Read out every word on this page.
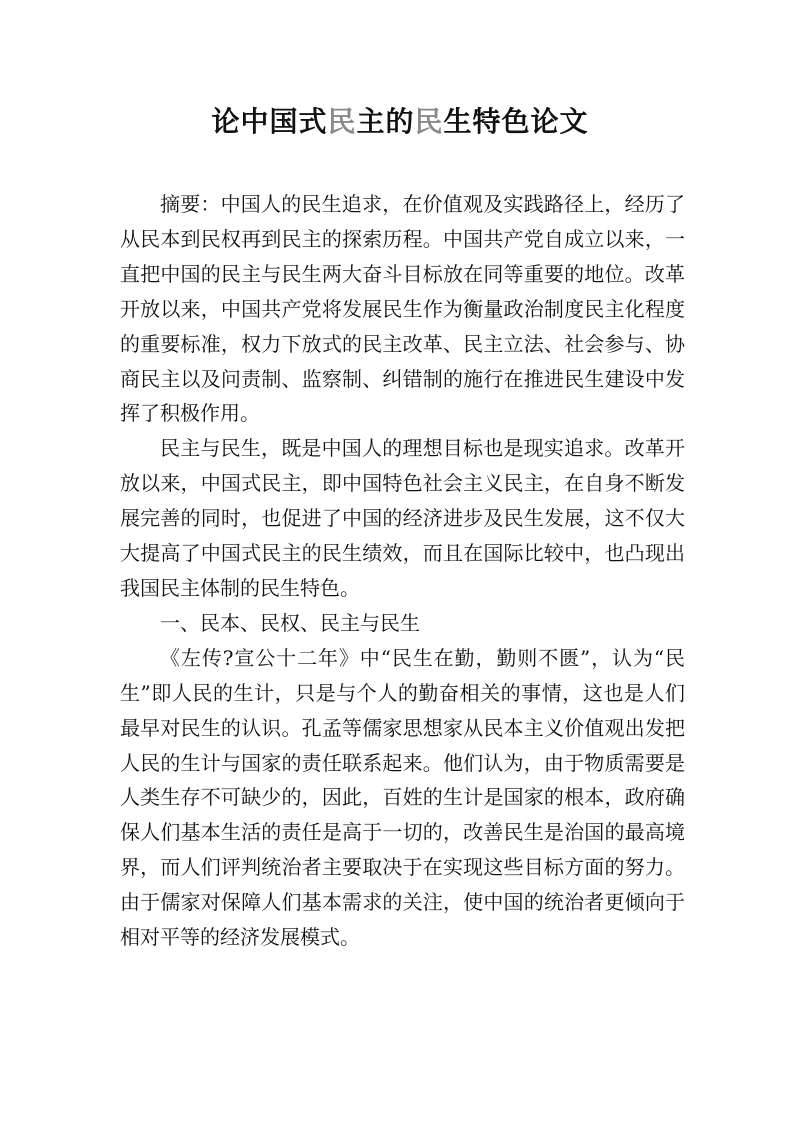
论中国式民主的民生特色论文

摘要：中国人的民生追求，在价值观及实践路径上，经历了从民本到民权再到民主的探索历程。中国共产党自成立以来，一直把中国的民主与民生两大奋斗目标放在同等重要的地位。改革开放以来，中国共产党将发展民生作为衡量政治制度民主化程度的重要标准，权力下放式的民主改革、民主立法、社会参与、协商民主以及问责制、监察制、纠错制的施行在推进民生建设中发挥了积极作用。

民主与民生，既是中国人的理想目标也是现实追求。改革开放以来，中国式民主，即中国特色社会主义民主，在自身不断发展完善的同时，也促进了中国的经济进步及民生发展，这不仅大大提高了中国式民主的民生绩效，而且在国际比较中，也凸现出我国民主体制的民生特色。

一、民本、民权、民主与民生

《左传?宣公十二年》中“民生在勤，勤则不匮”，认为“民生”即人民的生计，只是与个人的勤奋相关的事情，这也是人们最早对民生的认识。孔孟等儒家思想家从民本主义价值观出发把人民的生计与国家的责任联系起来。他们认为，由于物质需要是人类生存不可缺少的，因此，百姓的生计是国家的根本，政府确保人们基本生活的责任是高于一切的，改善民生是治国的最高境界，而人们评判统治者主要取决于在实现这些目标方面的努力。由于儒家对保障人们基本需求的关注，使中国的统治者更倾向于相对平等的经济发展模式。
